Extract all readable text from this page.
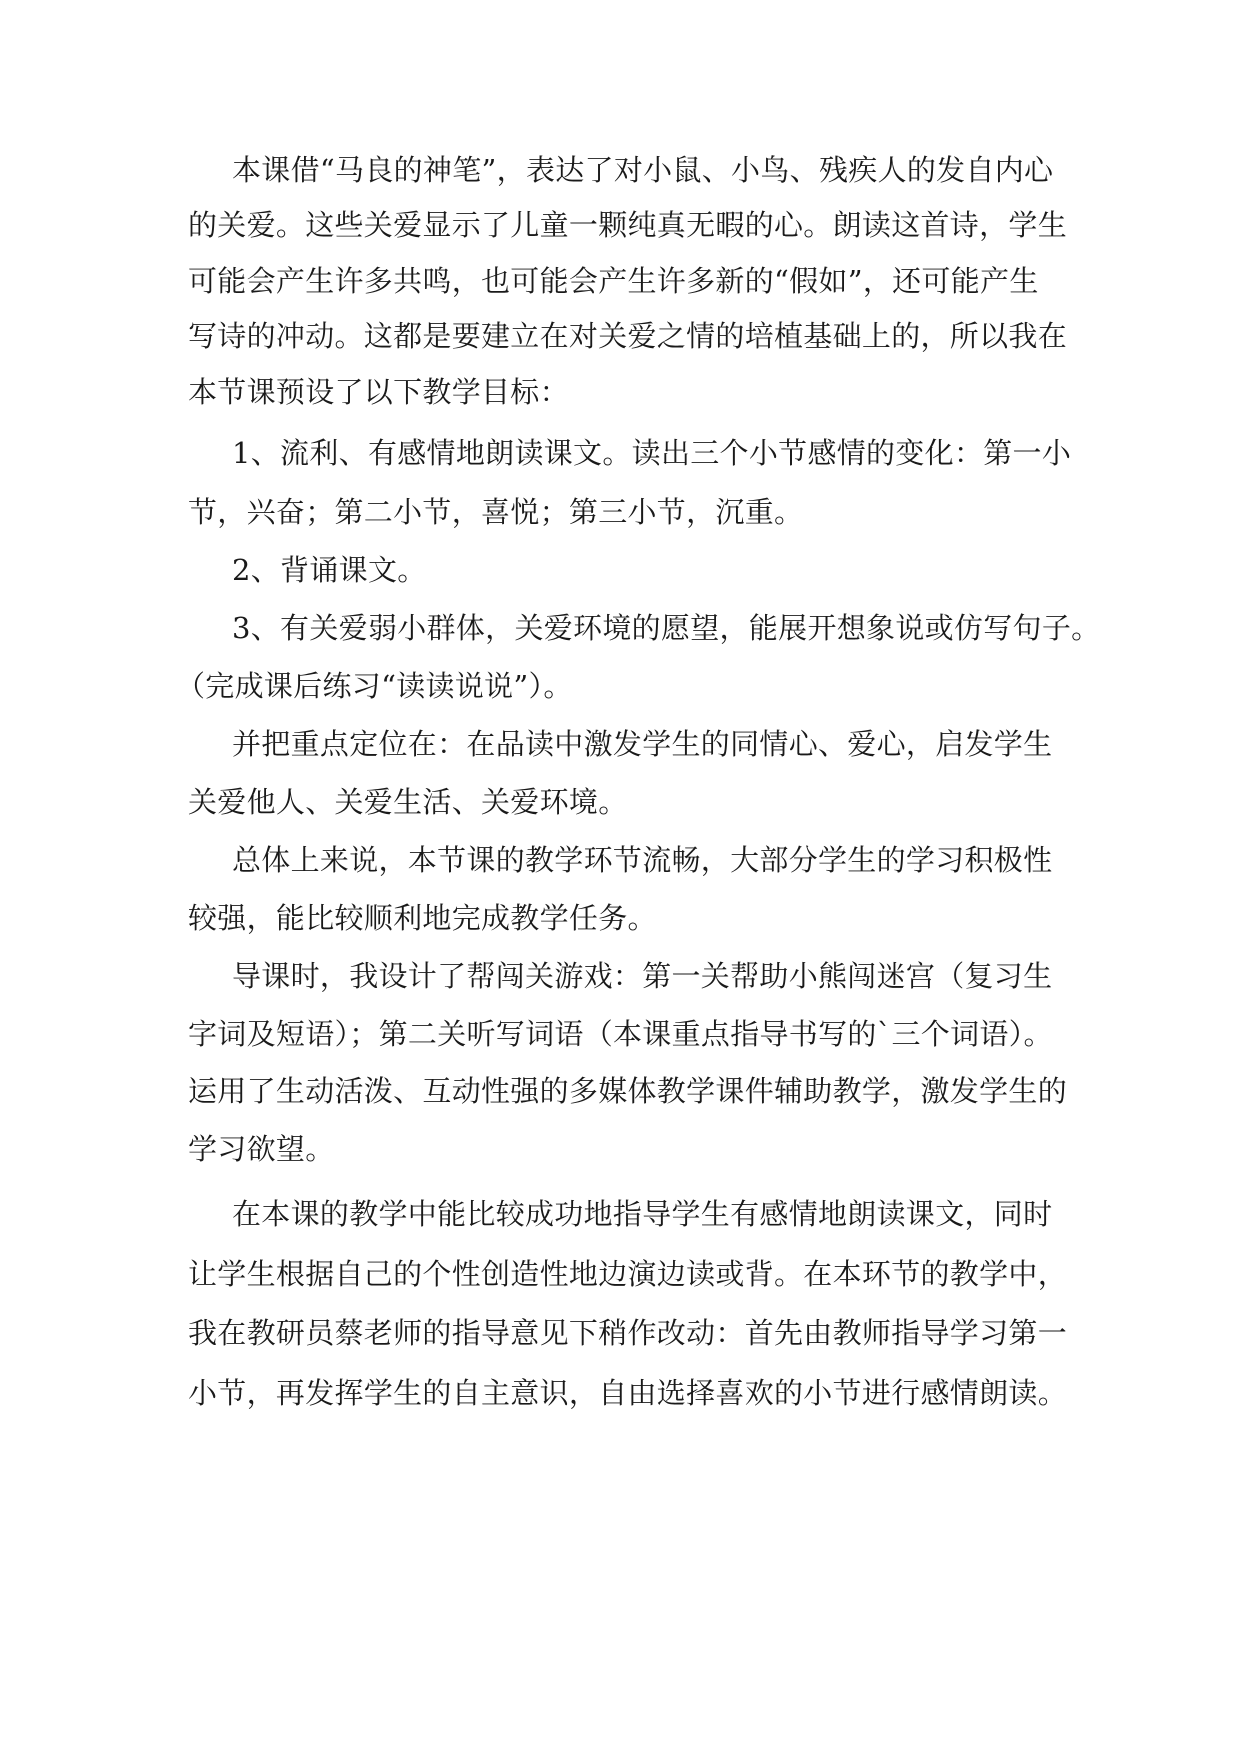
本课借“马良的神笔”，表达了对小鼠、小鸟、残疾人的发自内心
的关爱。这些关爱显示了儿童一颗纯真无暇的心。朗读这首诗，学生
可能会产生许多共鸣，也可能会产生许多新的“假如”，还可能产生
写诗的冲动。这都是要建立在对关爱之情的培植基础上的，所以我在
本节课预设了以下教学目标：
1、流利、有感情地朗读课文。读出三个小节感情的变化：第一小
节，兴奋；第二小节，喜悦；第三小节，沉重。
2、背诵课文。
3、有关爱弱小群体，关爱环境的愿望，能展开想象说或仿写句子。
（完成课后练习“读读说说”）。
并把重点定位在：在品读中激发学生的同情心、爱心，启发学生
关爱他人、关爱生活、关爱环境。
总体上来说，本节课的教学环节流畅，大部分学生的学习积极性
较强，能比较顺利地完成教学任务。
导课时，我设计了帮闯关游戏：第一关帮助小熊闯迷宫（复习生
字词及短语）；第二关听写词语（本课重点指导书写的`三个词语）。
运用了生动活泼、互动性强的多媒体教学课件辅助教学，激发学生的
学习欲望。
在本课的教学中能比较成功地指导学生有感情地朗读课文，同时
让学生根据自己的个性创造性地边演边读或背。在本环节的教学中，
我在教研员蔡老师的指导意见下稍作改动：首先由教师指导学习第一
小节，再发挥学生的自主意识，自由选择喜欢的小节进行感情朗读。
